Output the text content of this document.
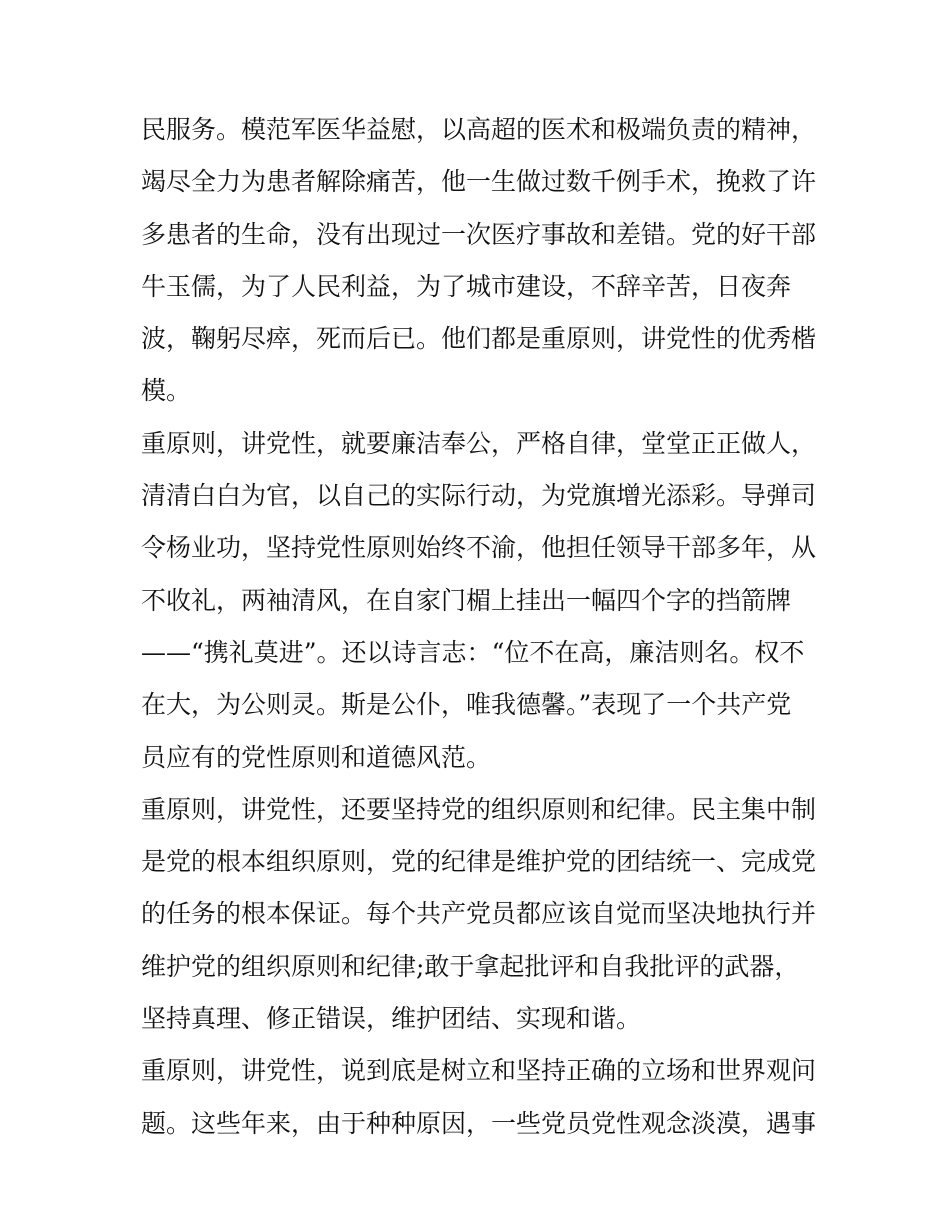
民服务。模范军医华益慰，以高超的医术和极端负责的精神，
竭尽全力为患者解除痛苦，他一生做过数千例手术，挽救了许
多患者的生命，没有出现过一次医疗事故和差错。党的好干部
牛玉儒，为了人民利益，为了城市建设，不辞辛苦，日夜奔
波，鞠躬尽瘁，死而后已。他们都是重原则，讲党性的优秀楷
模。
重原则，讲党性，就要廉洁奉公，严格自律，堂堂正正做人，
清清白白为官，以自己的实际行动，为党旗增光添彩。导弹司
令杨业功，坚持党性原则始终不渝，他担任领导干部多年，从
不收礼，两袖清风，在自家门楣上挂出一幅四个字的挡箭牌
——“携礼莫进”。还以诗言志：“位不在高，廉洁则名。权不
在大，为公则灵。斯是公仆，唯我德馨。”表现了一个共产党
员应有的党性原则和道德风范。
重原则，讲党性，还要坚持党的组织原则和纪律。民主集中制
是党的根本组织原则，党的纪律是维护党的团结统一、完成党
的任务的根本保证。每个共产党员都应该自觉而坚决地执行并
维护党的组织原则和纪律;敢于拿起批评和自我批评的武器，
坚持真理、修正错误，维护团结、实现和谐。
重原则，讲党性，说到底是树立和坚持正确的立场和世界观问
题。这些年来，由于种种原因，一些党员党性观念淡漠，遇事
